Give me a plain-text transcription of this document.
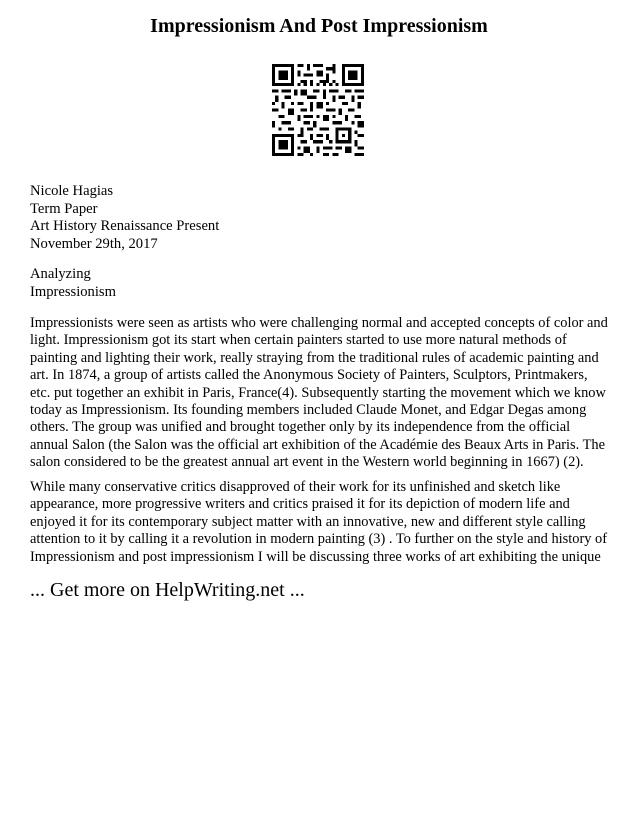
Impressionism And Post Impressionism
Nicole Hagias
Term Paper
Art History Renaissance Present
November 29th, 2017
Analyzing
Impressionism

Impressionists were seen as artists who were challenging normal and accepted concepts of color and light. Impressionism got its start when certain painters started to use more natural methods of painting and lighting their work, really straying from the traditional rules of academic painting and art. In 1874, a group of artists called the Anonymous Society of Painters, Sculptors, Printmakers, etc. put together an exhibit in Paris, France(4). Subsequently starting the movement which we know today as Impressionism. Its founding members included Claude Monet, and Edgar Degas among others. The group was unified and brought together only by its independence from the official annual Salon (the Salon was the official art exhibition of the Académie des Beaux Arts in Paris. The salon considered to be the greatest annual art event in the Western world beginning in 1667) (2).

While many conservative critics disapproved of their work for its unfinished and sketch like appearance, more progressive writers and critics praised it for its depiction of modern life and enjoyed it for its contemporary subject matter with an innovative, new and different style calling attention to it by calling it a revolution in modern painting (3) . To further on the style and history of Impressionism and post impressionism I will be discussing three works of art exhibiting the unique

... Get more on HelpWriting.net ...
